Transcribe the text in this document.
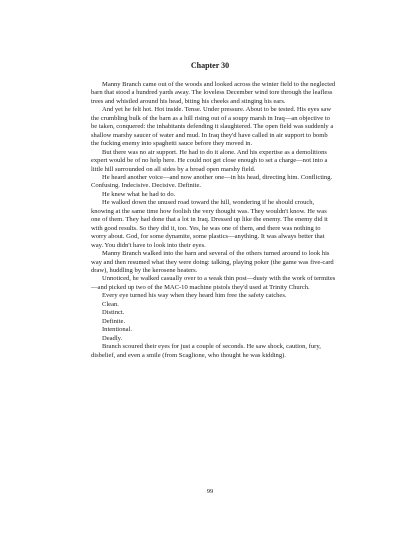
Chapter 30

Manny Branch came out of the woods and looked across the winter field to the neglected barn that stood a hundred yards away. The loveless December wind tore through the leafless trees and whistled around his head, biting his cheeks and stinging his ears.

And yet he felt hot. Hot inside. Tense. Under pressure. About to be tested. His eyes saw the crumbling bulk of the barn as a hill rising out of a soupy marsh in Iraq—an objective to be taken, conquered: the inhabitants defending it slaughtered. The open field was suddenly a shallow marshy saucer of water and mud. In Iraq they'd have called in air support to bomb the fucking enemy into spaghetti sauce before they moved in.

But there was no air support. He had to do it alone. And his expertise as a demolitions expert would be of no help here. He could not get close enough to set a charge—not into a little hill surrounded on all sides by a broad open marshy field.

He heard another voice—and now another one—in his head, directing him. Conflicting. Confusing. Indecisive. Decisive. Definite.

He knew what he had to do.

He walked down the unused road toward the hill, wondering if he should crouch, knowing at the same time how foolish the very thought was. They wouldn't know. He was one of them. They had done that a lot in Iraq. Dressed up like the enemy. The enemy did it with good results. So they did it, too. Yes, he was one of them, and there was nothing to worry about. God, for some dynamite, some plastics—anything. It was always better that way. You didn't have to look into their eyes.

Manny Branch walked into the barn and several of the others turned around to look his way and then resumed what they were doing: talking, playing poker (the game was five-card draw), huddling by the kerosene heaters.

Unnoticed, he walked casually over to a weak thin post—dusty with the work of termites—and picked up two of the MAC-10 machine pistols they'd used at Trinity Church.

Every eye turned his way when they heard him free the safety catches.

Clean.

Distinct.

Definite.

Intentional.

Deadly.

Branch scoured their eyes for just a couple of seconds. He saw shock, caution, fury, disbelief, and even a smile (from Scaglione, who thought he was kidding).

99
